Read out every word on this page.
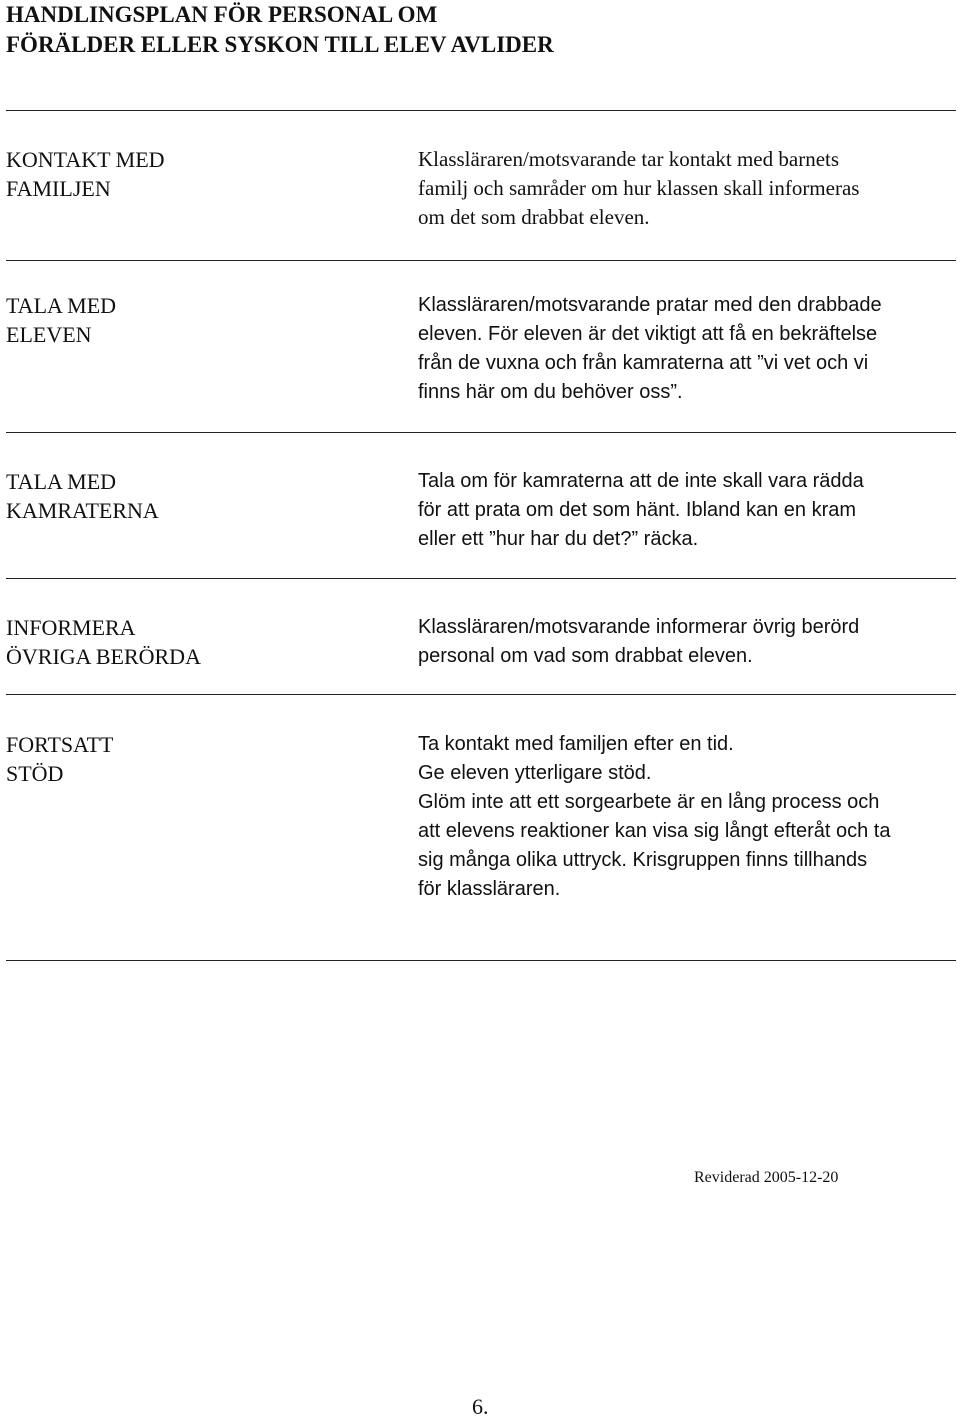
HANDLINGSPLAN FÖR PERSONAL OM
FÖRÄLDER ELLER SYSKON TILL ELEV AVLIDER
KONTAKT MED
FAMILJEN
Klassläraren/motsvarande tar kontakt med barnets
familj och samråder om hur klassen skall informeras
om det som drabbat eleven.
TALA MED
ELEVEN
Klassläraren/motsvarande pratar med den drabbade
eleven. För eleven är det viktigt att få en bekräftelse
från de vuxna och från kamraterna att ”vi vet och vi
finns här om du behöver oss”.
TALA MED
KAMRATERNA
Tala om för kamraterna att de inte skall vara rädda
för att prata om det som hänt. Ibland kan en kram
eller ett ”hur har du det?” räcka.
INFORMERA
ÖVRIGA BERÖRDA
Klassläraren/motsvarande informerar övrig berörd
personal om vad som drabbat eleven.
FORTSATT
STÖD
Ta kontakt med familjen efter en tid.
Ge eleven ytterligare stöd.
Glöm inte att ett sorgearbete är en lång process och
att elevens reaktioner kan visa sig långt efteråt och ta
sig många olika uttryck. Krisgruppen finns tillhands
för klassläraren.
Reviderad 2005-12-20
6.
